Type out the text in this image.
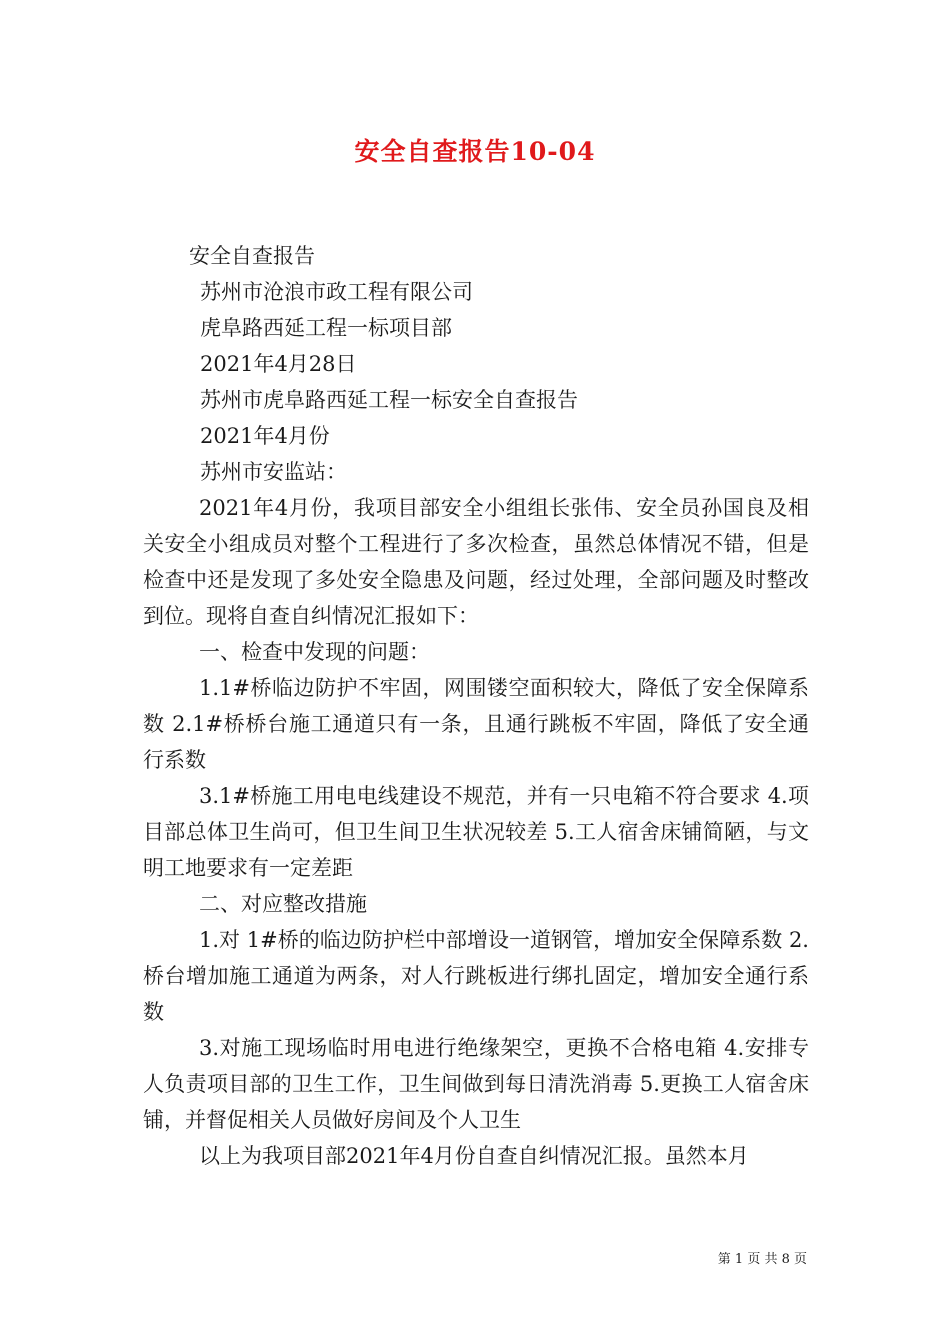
安全自查报告10-04

安全自查报告

苏州市沧浪市政工程有限公司

虎阜路西延工程一标项目部

2021年4月28日

苏州市虎阜路西延工程一标安全自查报告

2021年4月份

苏州市安监站：

2021年4月份，我项目部安全小组组长张伟、安全员孙国良及相关安全小组成员对整个工程进行了多次检查，虽然总体情况不错，但是检查中还是发现了多处安全隐患及问题，经过处理，全部问题及时整改到位。现将自查自纠情况汇报如下：

一、检查中发现的问题：

1.1#桥临边防护不牢固，网围镂空面积较大，降低了安全保障系数 2.1#桥桥台施工通道只有一条，且通行跳板不牢固，降低了安全通行系数

3.1#桥施工用电电线建设不规范，并有一只电箱不符合要求 4.项目部总体卫生尚可，但卫生间卫生状况较差 5.工人宿舍床铺简陋，与文明工地要求有一定差距

二、对应整改措施

1.对 1#桥的临边防护栏中部增设一道钢管，增加安全保障系数 2.桥台增加施工通道为两条，对人行跳板进行绑扎固定，增加安全通行系数

3.对施工现场临时用电进行绝缘架空，更换不合格电箱 4.安排专人负责项目部的卫生工作，卫生间做到每日清洗消毒 5.更换工人宿舍床铺，并督促相关人员做好房间及个人卫生

以上为我项目部2021年4月份自查自纠情况汇报。虽然本月

第 1 页 共 8 页
